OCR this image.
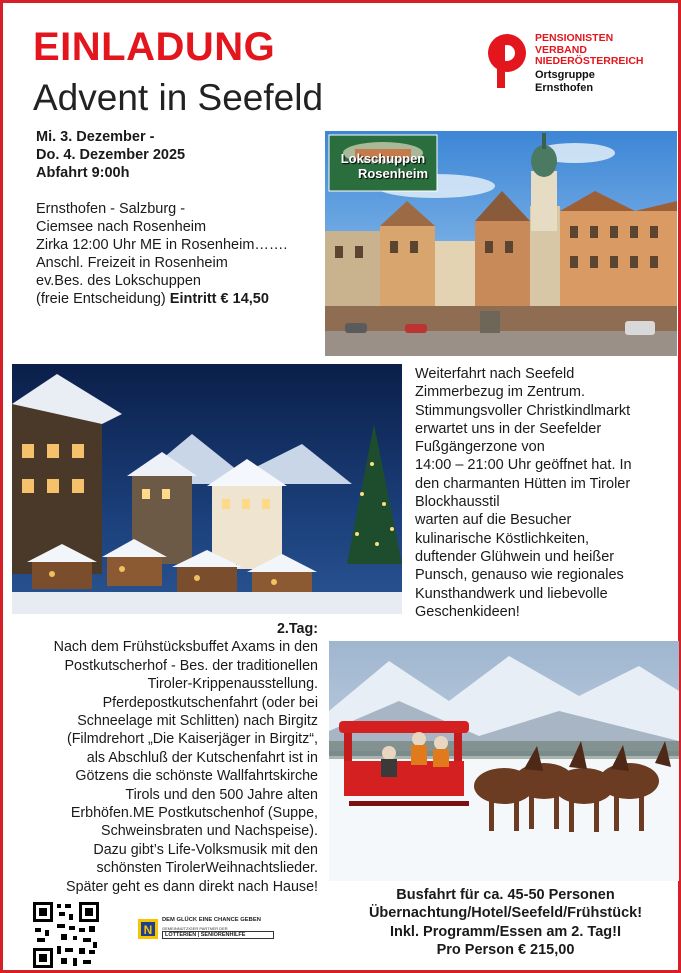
EINLADUNG
Advent in Seefeld
PENSIONISTEN
VERBAND
NIEDERÖSTERREICH
Ortsgruppe
Ernsthofen
Mi. 3. Dezember -
Do. 4. Dezember 2025
Abfahrt 9:00h
Ernsthofen - Salzburg -
Ciemsee nach Rosenheim
Zirka 12:00 Uhr ME in Rosenheim…….
Anschl. Freizeit in Rosenheim
ev.Bes. des Lokschuppen
(freie Entscheidung) Eintritt € 14,50
Lokschuppen
Rosenheim
Weiterfahrt nach Seefeld
Zimmerbezug im Zentrum.
Stimmungsvoller Christkindlmarkt
erwartet uns in der Seefelder
Fußgängerzone von
14:00 – 21:00 Uhr geöffnet hat. In
den charmanten Hütten im Tiroler
Blockhausstil
warten auf die Besucher
kulinarische Köstlichkeiten,
duftender Glühwein und heißer
Punsch, genauso wie regionales
Kunsthandwerk und liebevolle
Geschenkideen!
2.Tag:
Nach dem Frühstücksbuffet Axams in den
Postkutscherhof - Bes. der traditionellen
Tiroler-Krippenausstellung.
Pferdepostkutschenfahrt (oder bei
Schneelage mit Schlitten) nach Birgitz
(Filmdrehort „Die Kaiserjäger in Birgitz“,
als Abschluß der Kutschenfahrt ist in
Götzens die schönste Wallfahrtskirche
Tirols und den 500 Jahre alten
Erbhöfen.ME Postkutschenhof (Suppe,
Schweinsbraten und Nachspeise).
Dazu gibt’s Life-Volksmusik mit den
schönsten TirolerWeihnachtslieder.
Später geht es dann direkt nach Hause!
Busfahrt für ca. 45-50 Personen
Übernachtung/Hotel/Seefeld/Frühstück!
Inkl. Programm/Essen am 2. Tag!I
Pro Person € 215,00
N
DEM GLÜCK EINE CHANCE GEBEN
GEMEINNÜTZIGER PARTNER DER
LOTTERIEN | SENIORENHILFE
